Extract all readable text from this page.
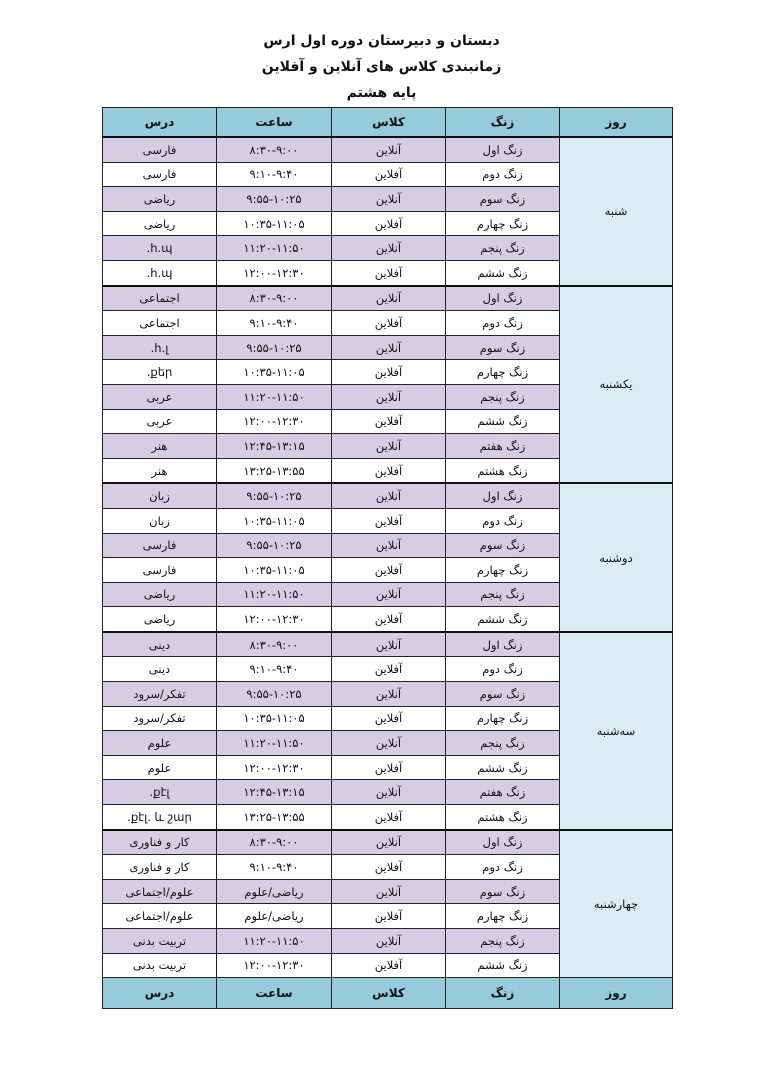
دبستان و دبیرستان دوره اول ارس
زمانبندی کلاس های آنلاین و آفلاین
پایه هشتم
روز	زنگ	کلاس	ساعت	درس
شنبه	زنگ اول	آنلاین	۸:۳۰-۹:۰۰	فارسی
	زنگ دوم	آفلاین	۹:۱۰-۹:۴۰	فارسی
	زنگ سوم	آنلاین	۹:۵۵-۱۰:۲۵	ریاضی
	زنگ چهارم	آفلاین	۱۰:۳۵-۱۱:۰۵	ریاضی
	زنگ پنجم	آنلاین	۱۱:۲۰-۱۱:۵۰	հ.պ.
	زنگ ششم	آفلاین	۱۲:۰۰-۱۲:۳۰	հ.պ.
یکشنبه	زنگ اول	آنلاین	۸:۳۰-۹:۰۰	اجتماعی
	زنگ دوم	آفلاین	۹:۱۰-۹:۴۰	اجتماعی
	زنگ سوم	آنلاین	۹:۵۵-۱۰:۲۵	հ.լ.
	زنگ چهارم	آفلاین	۱۰:۳۵-۱۱:۰۵	քեր.
	زنگ پنجم	آنلاین	۱۱:۲۰-۱۱:۵۰	عربی
	زنگ ششم	آفلاین	۱۲:۰۰-۱۲:۳۰	عربی
	زنگ هفتم	آنلاین	۱۲:۴۵-۱۳:۱۵	هنر
	زنگ هشتم	آفلاین	۱۳:۲۵-۱۳:۵۵	هنر
دوشنبه	زنگ اول	آنلاین	۹:۵۵-۱۰:۲۵	زبان
	زنگ دوم	آفلاین	۱۰:۳۵-۱۱:۰۵	زبان
	زنگ سوم	آنلاین	۹:۵۵-۱۰:۲۵	فارسی
	زنگ چهارم	آفلاین	۱۰:۳۵-۱۱:۰۵	فارسی
	زنگ پنجم	آنلاین	۱۱:۲۰-۱۱:۵۰	ریاضی
	زنگ ششم	آفلاین	۱۲:۰۰-۱۲:۳۰	ریاضی
سه‌شنبه	زنگ اول	آنلاین	۸:۳۰-۹:۰۰	دینی
	زنگ دوم	آفلاین	۹:۱۰-۹:۴۰	دینی
	زنگ سوم	آنلاین	۹:۵۵-۱۰:۲۵	تفکر/سرود
	زنگ چهارم	آفلاین	۱۰:۳۵-۱۱:۰۵	تفکر/سرود
	زنگ پنجم	آنلاین	۱۱:۲۰-۱۱:۵۰	علوم
	زنگ ششم	آفلاین	۱۲:۰۰-۱۲:۳۰	علوم
	زنگ هفتم	آنلاین	۱۲:۴۵-۱۳:۱۵	քէլ.
	زنگ هشتم	آفلاین	۱۳:۲۵-۱۳:۵۵	քէլ. և շար.
چهارشنبه	زنگ اول	آنلاین	۸:۳۰-۹:۰۰	کار و فناوری
	زنگ دوم	آفلاین	۹:۱۰-۹:۴۰	کار و فناوری
	زنگ سوم	آنلاین	ریاضی/علوم	علوم/اجتماعی
	زنگ چهارم	آفلاین	ریاضی/علوم	علوم/اجتماعی
	زنگ پنجم	آنلاین	۱۱:۲۰-۱۱:۵۰	تربیت بدنی
	زنگ ششم	آفلاین	۱۲:۰۰-۱۲:۳۰	تربیت بدنی
روز	زنگ	کلاس	ساعت	درس
